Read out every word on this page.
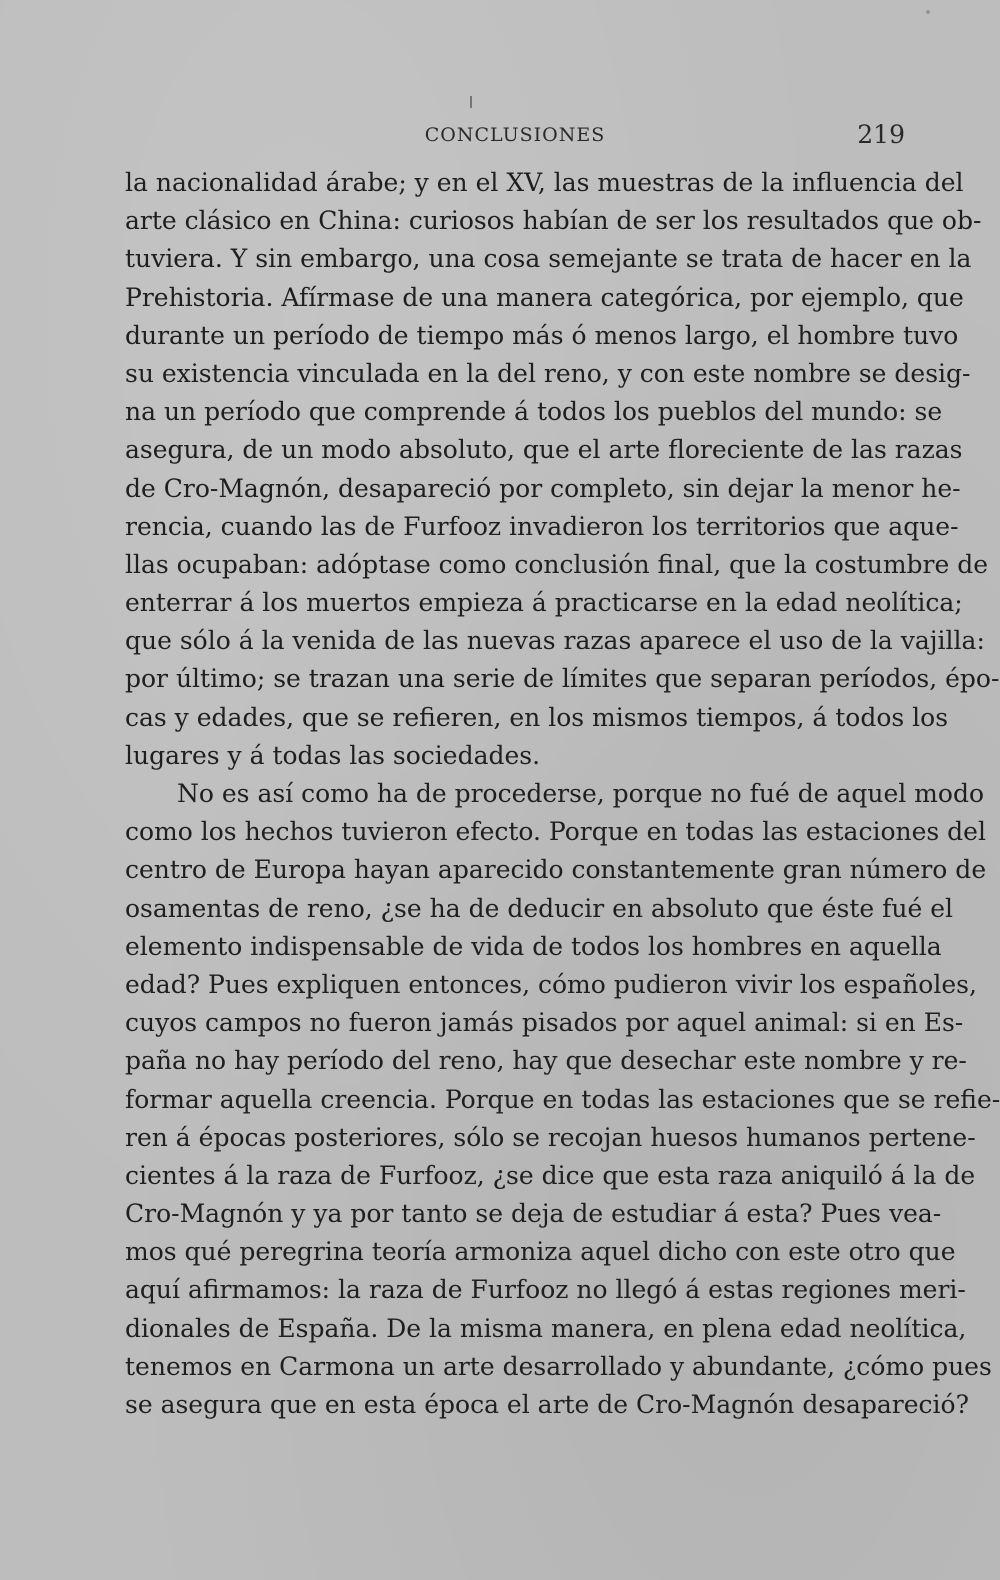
CONCLUSIONES	219
la nacionalidad árabe; y en el XV, las muestras de la influencia del
arte clásico en China: curiosos habían de ser los resultados que ob-
tuviera. Y sin embargo, una cosa semejante se trata de hacer en la
Prehistoria. Afírmase de una manera categórica, por ejemplo, que
durante un período de tiempo más ó menos largo, el hombre tuvo
su existencia vinculada en la del reno, y con este nombre se desig-
na un período que comprende á todos los pueblos del mundo: se
asegura, de un modo absoluto, que el arte floreciente de las razas
de Cro-Magnón, desapareció por completo, sin dejar la menor he-
rencia, cuando las de Furfooz invadieron los territorios que aque-
llas ocupaban: adóptase como conclusión final, que la costumbre de
enterrar á los muertos empieza á practicarse en la edad neolítica;
que sólo á la venida de las nuevas razas aparece el uso de la vajilla:
por último; se trazan una serie de límites que separan períodos, épo-
cas y edades, que se refieren, en los mismos tiempos, á todos los
lugares y á todas las sociedades.
No es así como ha de procederse, porque no fué de aquel modo
como los hechos tuvieron efecto. Porque en todas las estaciones del
centro de Europa hayan aparecido constantemente gran número de
osamentas de reno, ¿se ha de deducir en absoluto que éste fué el
elemento indispensable de vida de todos los hombres en aquella
edad? Pues expliquen entonces, cómo pudieron vivir los españoles,
cuyos campos no fueron jamás pisados por aquel animal: si en Es-
paña no hay período del reno, hay que desechar este nombre y re-
formar aquella creencia. Porque en todas las estaciones que se refie-
ren á épocas posteriores, sólo se recojan huesos humanos pertene-
cientes á la raza de Furfooz, ¿se dice que esta raza aniquiló á la de
Cro-Magnón y ya por tanto se deja de estudiar á esta? Pues vea-
mos qué peregrina teoría armoniza aquel dicho con este otro que
aquí afirmamos: la raza de Furfooz no llegó á estas regiones meri-
dionales de España. De la misma manera, en plena edad neolítica,
tenemos en Carmona un arte desarrollado y abundante, ¿cómo pues
se asegura que en esta época el arte de Cro-Magnón desapareció?
